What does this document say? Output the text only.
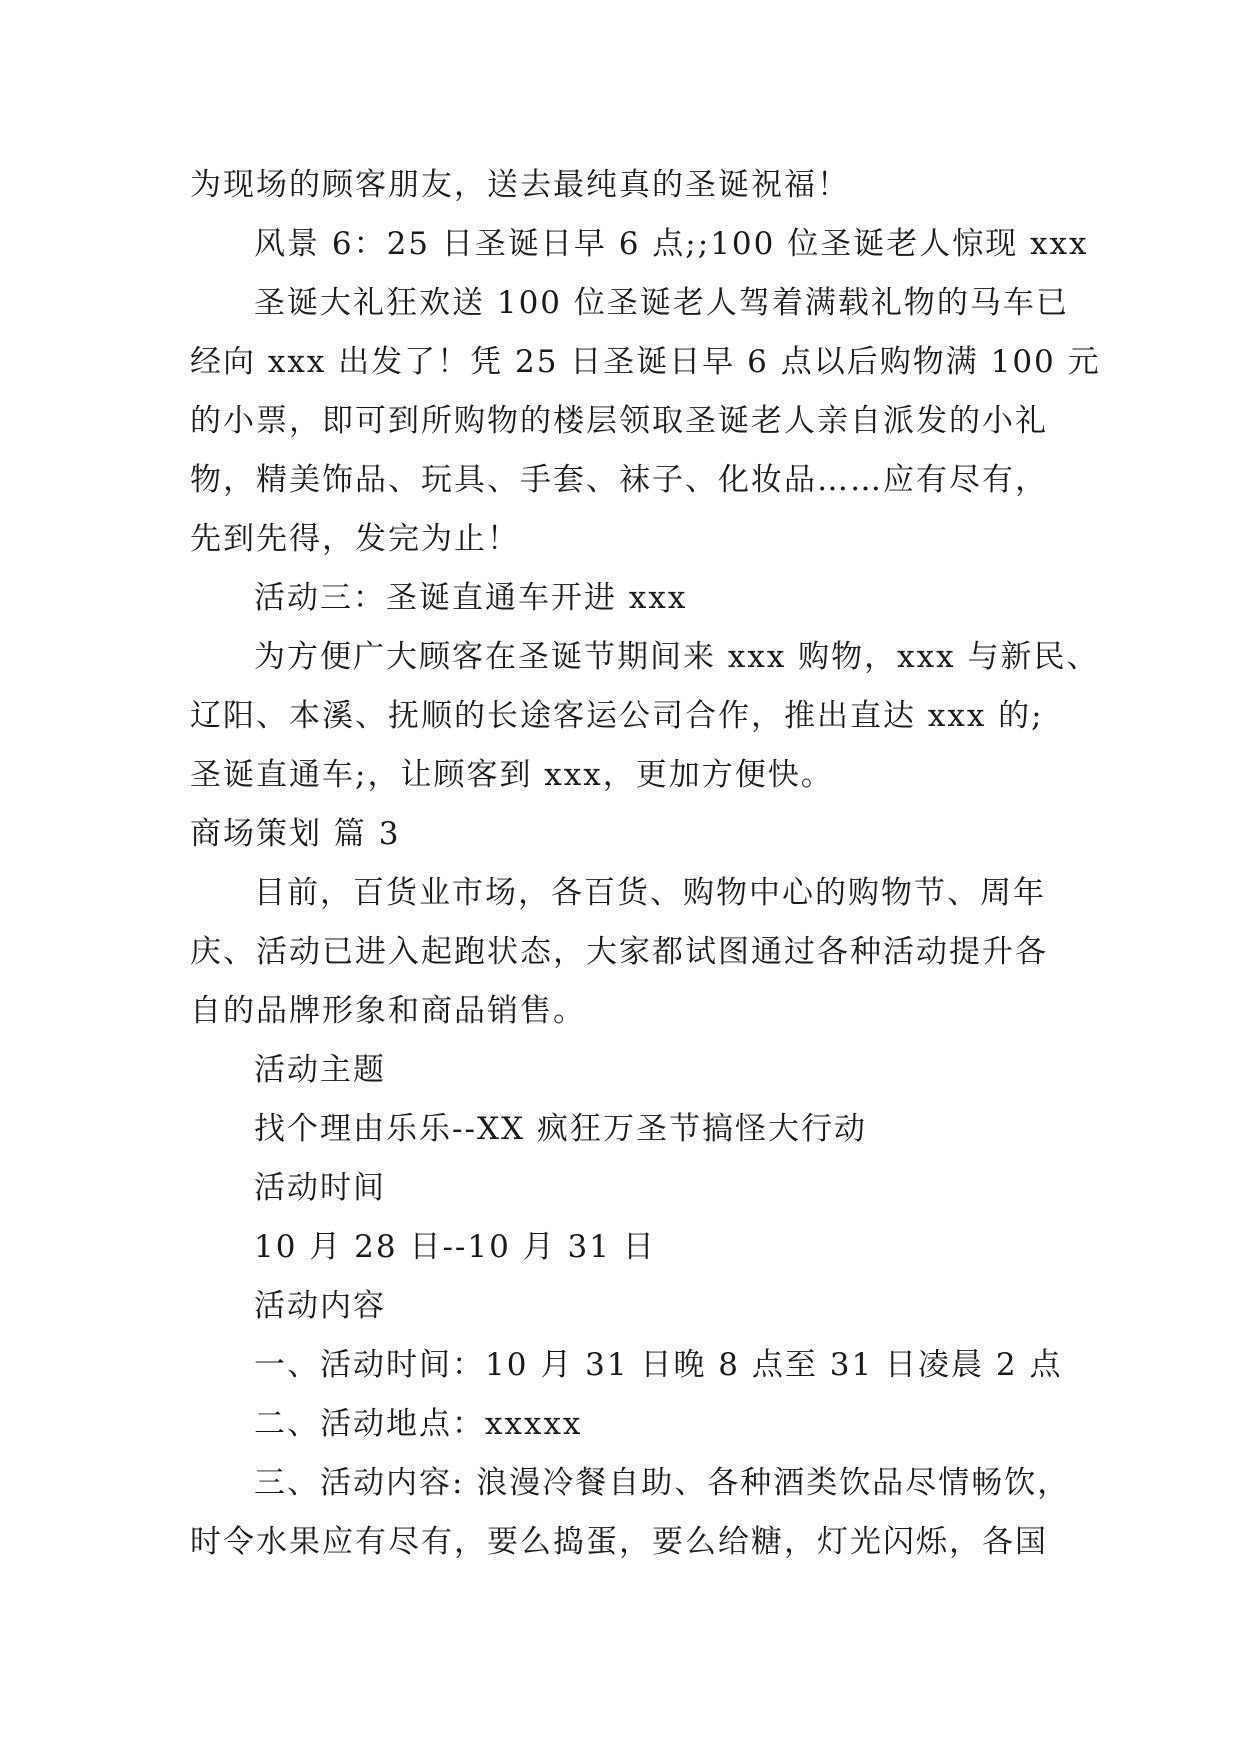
为现场的顾客朋友，送去最纯真的圣诞祝福！

风景 6：25 日圣诞日早 6 点;;100 位圣诞老人惊现 xxx

圣诞大礼狂欢送 100 位圣诞老人驾着满载礼物的马车已

经向 xxx 出发了！凭 25 日圣诞日早 6 点以后购物满 100 元

的小票，即可到所购物的楼层领取圣诞老人亲自派发的小礼

物，精美饰品、玩具、手套、袜子、化妆品……应有尽有，

先到先得，发完为止！

活动三：圣诞直通车开进 xxx

为方便广大顾客在圣诞节期间来 xxx 购物，xxx 与新民、

辽阳、本溪、抚顺的长途客运公司合作，推出直达 xxx 的;

圣诞直通车;，让顾客到 xxx，更加方便快。

商场策划 篇 3

目前，百货业市场，各百货、购物中心的购物节、周年

庆、活动已进入起跑状态，大家都试图通过各种活动提升各

自的品牌形象和商品销售。

活动主题

找个理由乐乐--XX 疯狂万圣节搞怪大行动

活动时间

10 月 28 日--10 月 31 日

活动内容

一、活动时间：10 月 31 日晚 8 点至 31 日凌晨 2 点

二、活动地点：xxxxx

三、活动内容: 浪漫冷餐自助、各种酒类饮品尽情畅饮，

时令水果应有尽有，要么捣蛋，要么给糖，灯光闪烁，各国
